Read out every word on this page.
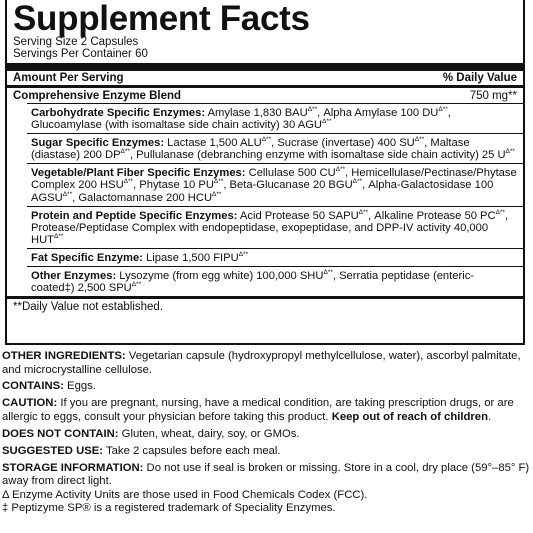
Supplement Facts
Serving Size 2 Capsules
Servings Per Container 60
Amount Per Serving	% Daily Value
Comprehensive Enzyme Blend	750 mg**
Carbohydrate Specific Enzymes: Amylase 1,830 $BAU^{\Delta**}$, Alpha Amylase 100 $DU^{\Delta**}$, Glucoamylase (with isomaltase side chain activity) 30 $AGU^{\Delta**}$
Sugar Specific Enzymes: Lactase 1,500 $ALU^{\Delta**}$, Sucrase (invertase) 400 $SU^{\Delta**}$, Maltase (diastase) 200 $DP^{\Delta**}$, Pullulanase (debranching enzyme with isomaltase side chain activity) 25 $U^{\Delta**}$
Vegetable/Plant Fiber Specific Enzymes: Cellulase 500 $CU^{\Delta**}$, Hemicellulase/Pectinase/Phytase Complex 200 $HSU^{\Delta**}$, Phytase 10 $PU^{\Delta**}$, Beta-Glucanase 20 $BGU^{\Delta**}$, Alpha-Galactosidase 100 $AGSU^{\Delta**}$, Galactomannase 200 $HCU^{\Delta**}$
Protein and Peptide Specific Enzymes: Acid Protease 50 $SAPU^{\Delta**}$, Alkaline Protease 50 $PC^{\Delta**}$, Protease/Peptidase Complex with endopeptidase, exopeptidase, and DPP-IV activity 40,000 $HUT^{\Delta**}$
Fat Specific Enzyme: Lipase 1,500 $FIPU^{\Delta**}$
Other Enzymes: Lysozyme (from egg white) 100,000 $SHU^{\Delta**}$, Serratia peptidase (enteric-coated‡) 2,500 $SPU^{\Delta**}$
**Daily Value not established.

OTHER INGREDIENTS: Vegetarian capsule (hydroxypropyl methylcellulose, water), ascorbyl palmitate, and microcrystalline cellulose.

CONTAINS: Eggs.

CAUTION: If you are pregnant, nursing, have a medical condition, are taking prescription drugs, or are allergic to eggs, consult your physician before taking this product. Keep out of reach of children.

DOES NOT CONTAIN: Gluten, wheat, dairy, soy, or GMOs.

SUGGESTED USE: Take 2 capsules before each meal.

STORAGE INFORMATION: Do not use if seal is broken or missing. Store in a cool, dry place (59°–85° F) away from direct light.

Δ Enzyme Activity Units are those used in Food Chemicals Codex (FCC).

‡ Peptizyme SP® is a registered trademark of Speciality Enzymes.
